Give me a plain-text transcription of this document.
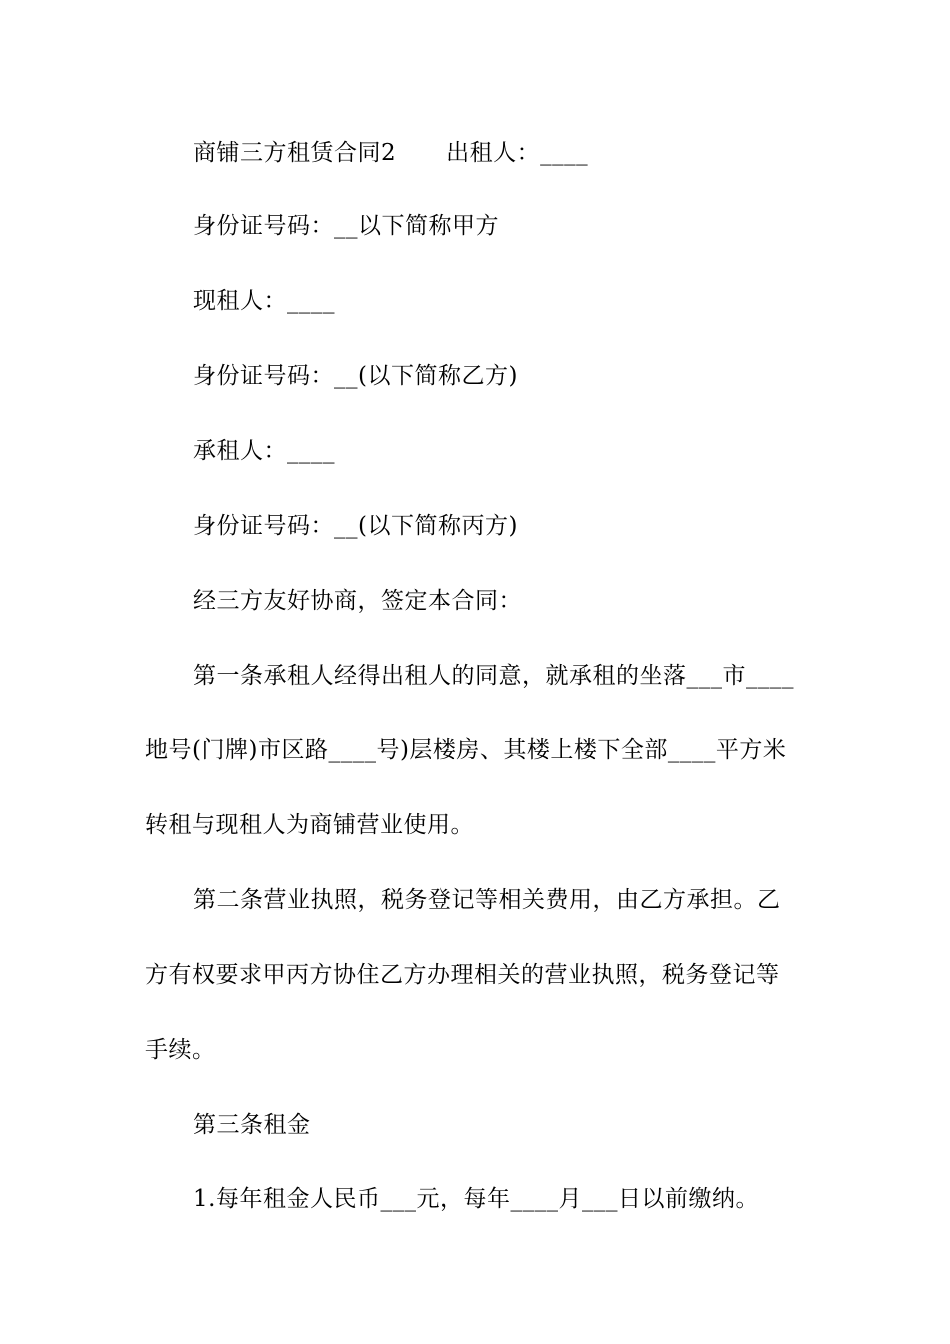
商铺三方租赁合同2 出租人：____
身份证号码：__以下简称甲方
现租人：____
身份证号码：__(以下简称乙方)
承租人：____
身份证号码：__(以下简称丙方)
经三方友好协商，签定本合同：
第一条承租人经得出租人的同意，就承租的坐落___市____
地号(门牌)市区路____号)层楼房、其楼上楼下全部____平方米
转租与现租人为商铺营业使用。
第二条营业执照，税务登记等相关费用，由乙方承担。乙
方有权要求甲丙方协住乙方办理相关的营业执照，税务登记等
手续。
第三条租金
1.每年租金人民币___元，每年____月___日以前缴纳。
